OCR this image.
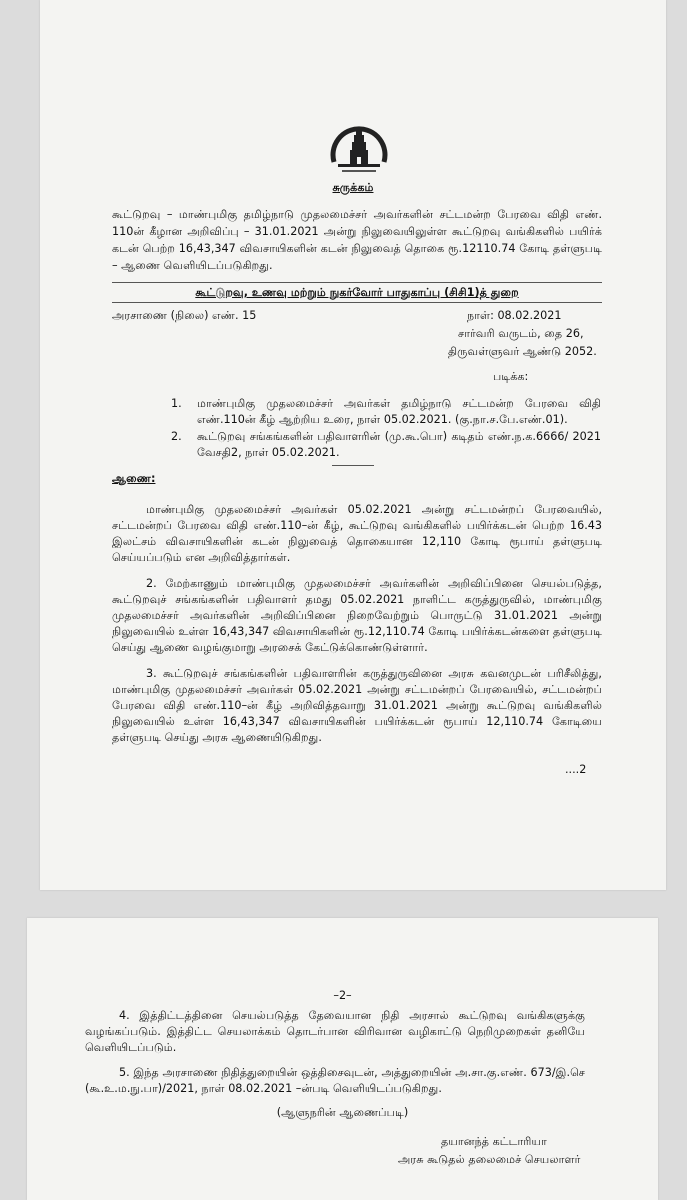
சுருக்கம்
கூட்டுறவு – மாண்புமிகு தமிழ்நாடு முதலமைச்சர் அவர்களின் சட்டமன்ற பேரவை விதி எண். 110ன் கீழான அறிவிப்பு – 31.01.2021 அன்று நிலுவையிலுள்ள கூட்டுறவு வங்கிகளில் பயிர்க் கடன் பெற்ற 16,43,347 விவசாயிகளின் கடன் நிலுவைத் தொகை ரூ.12110.74 கோடி தள்ளுபடி – ஆணை வெளியிடப்படுகிறது.
கூட்டுறவு, உணவு மற்றும் நுகர்வோர் பாதுகாப்பு (சிசி1)த் துறை
அரசாணை (நிலை) எண். 15	நாள்: 08.02.2021
சார்வரி வருடம், தை 26,
திருவள்ளுவர் ஆண்டு 2052.
படிக்க:
1.	மாண்புமிகு முதலமைச்சர் அவர்கள் தமிழ்நாடு சட்டமன்ற பேரவை விதி எண்.110ன் கீழ் ஆற்றிய உரை, நாள் 05.02.2021. (கு.நா.ச.பே.எண்.01).
2.	கூட்டுறவு சங்கங்களின் பதிவாளரின் (மு.கூ.பொ) கடிதம் எண்.ந.க.6666/ 2021 வேசதி2, நாள் 05.02.2021.
ஆணை:
மாண்புமிகு முதலமைச்சர் அவர்கள் 05.02.2021 அன்று சட்டமன்றப் பேரவையில், சட்டமன்றப் பேரவை விதி எண்.110–ன் கீழ், கூட்டுறவு வங்கிகளில் பயிர்க்கடன் பெற்ற 16.43 இலட்சம் விவசாயிகளின் கடன் நிலுவைத் தொகையான 12,110 கோடி ரூபாய் தள்ளுபடி செய்யப்படும் என அறிவித்தார்கள்.
2. மேற்காணும் மாண்புமிகு முதலமைச்சர் அவர்களின் அறிவிப்பினை செயல்படுத்த, கூட்டுறவுச் சங்கங்களின் பதிவாளர் தமது 05.02.2021 நாளிட்ட கருத்துருவில், மாண்புமிகு முதலமைச்சர் அவர்களின் அறிவிப்பினை நிறைவேற்றும் பொருட்டு 31.01.2021 அன்று நிலுவையில் உள்ள 16,43,347 விவசாயிகளின் ரூ.12,110.74 கோடி பயிர்க்கடன்களை தள்ளுபடி செய்து ஆணை வழங்குமாறு அரசைக் கேட்டுக்கொண்டுள்ளார்.
3. கூட்டுறவுச் சங்கங்களின் பதிவாளரின் கருத்துருவினை அரசு கவனமுடன் பரிசீலித்து, மாண்புமிகு முதலமைச்சர் அவர்கள் 05.02.2021 அன்று சட்டமன்றப் பேரவையில், சட்டமன்றப் பேரவை விதி எண்.110–ன் கீழ் அறிவித்தவாறு 31.01.2021 அன்று கூட்டுறவு வங்கிகளில் நிலுவையில் உள்ள 16,43,347 விவசாயிகளின் பயிர்க்கடன் ரூபாய் 12,110.74 கோடியை தள்ளுபடி செய்து அரசு ஆணையிடுகிறது.
....2
–2–
4. இத்திட்டத்தினை செயல்படுத்த தேவையான நிதி அரசால் கூட்டுறவு வங்கிகளுக்கு வழங்கப்படும். இத்திட்ட செயலாக்கம் தொடர்பான விரிவான வழிகாட்டு நெறிமுறைகள் தனியே வெளியிடப்படும்.
5. இந்த அரசாணை நிதித்துறையின் ஒத்திசைவுடன், அத்துறையின் அ.சா.கு.எண். 673/இ.செ (கூ.உ.ம.நு.பா)/2021, நாள் 08.02.2021 –ன்படி வெளியிடப்படுகிறது.
(ஆளுநரின் ஆணைப்படி)
தயானந்த் கட்டாரியா
அரசு கூடுதல் தலைமைச் செயலாளர்
